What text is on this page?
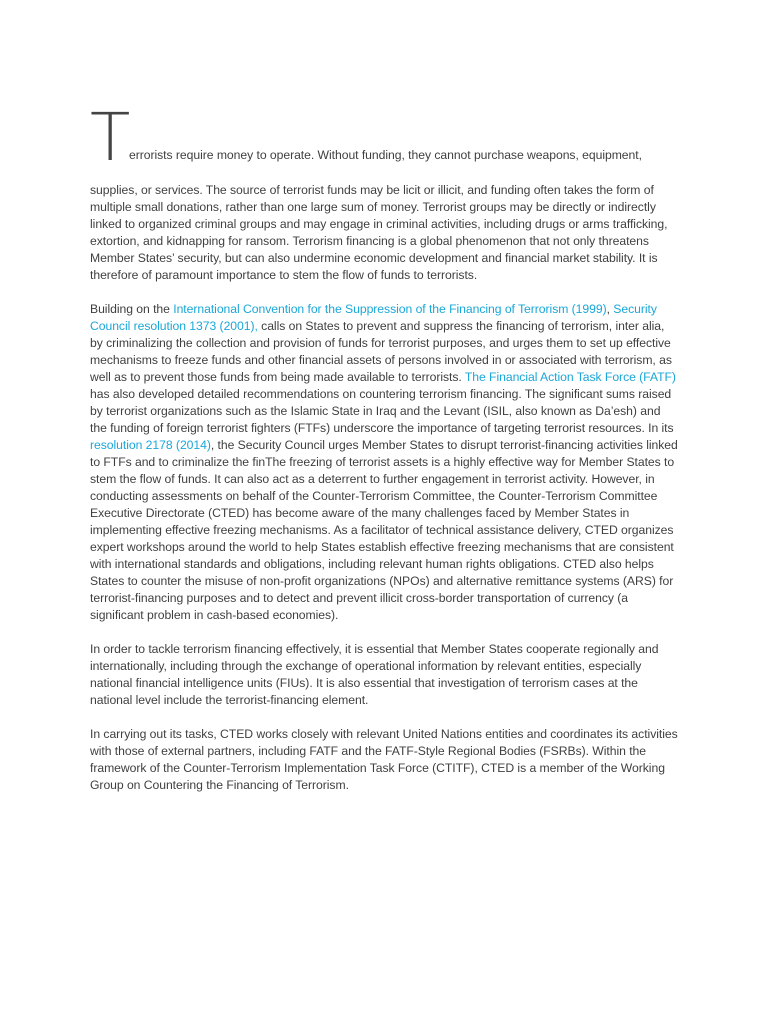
T
errorists require money to operate. Without funding, they cannot purchase weapons, equipment,

supplies, or services. The source of terrorist funds may be licit or illicit, and funding often takes the form of multiple small donations, rather than one large sum of money. Terrorist groups may be directly or indirectly linked to organized criminal groups and may engage in criminal activities, including drugs or arms trafficking, extortion, and kidnapping for ransom. Terrorism financing is a global phenomenon that not only threatens Member States’ security, but can also undermine economic development and financial market stability. It is therefore of paramount importance to stem the flow of funds to terrorists.

Building on the International Convention for the Suppression of the Financing of Terrorism (1999), Security Council resolution 1373 (2001), calls on States to prevent and suppress the financing of terrorism, inter alia, by criminalizing the collection and provision of funds for terrorist purposes, and urges them to set up effective mechanisms to freeze funds and other financial assets of persons involved in or associated with terrorism, as well as to prevent those funds from being made available to terrorists. The Financial Action Task Force (FATF) has also developed detailed recommendations on countering terrorism financing. The significant sums raised by terrorist organizations such as the Islamic State in Iraq and the Levant (ISIL, also known as Da’esh) and the funding of foreign terrorist fighters (FTFs) underscore the importance of targeting terrorist resources. In its resolution 2178 (2014), the Security Council urges Member States to disrupt terrorist-financing activities linked to FTFs and to criminalize the finThe freezing of terrorist assets is a highly effective way for Member States to stem the flow of funds. It can also act as a deterrent to further engagement in terrorist activity. However, in conducting assessments on behalf of the Counter-Terrorism Committee, the Counter-Terrorism Committee Executive Directorate (CTED) has become aware of the many challenges faced by Member States in implementing effective freezing mechanisms. As a facilitator of technical assistance delivery, CTED organizes expert workshops around the world to help States establish effective freezing mechanisms that are consistent with international standards and obligations, including relevant human rights obligations. CTED also helps States to counter the misuse of non-profit organizations (NPOs) and alternative remittance systems (ARS) for terrorist-financing purposes and to detect and prevent illicit cross-border transportation of currency (a significant problem in cash-based economies).

In order to tackle terrorism financing effectively, it is essential that Member States cooperate regionally and internationally, including through the exchange of operational information by relevant entities, especially national financial intelligence units (FIUs). It is also essential that investigation of terrorism cases at the national level include the terrorist-financing element.

In carrying out its tasks, CTED works closely with relevant United Nations entities and coordinates its activities with those of external partners, including FATF and the FATF-Style Regional Bodies (FSRBs). Within the framework of the Counter-Terrorism Implementation Task Force (CTITF), CTED is a member of the Working Group on Countering the Financing of Terrorism.
